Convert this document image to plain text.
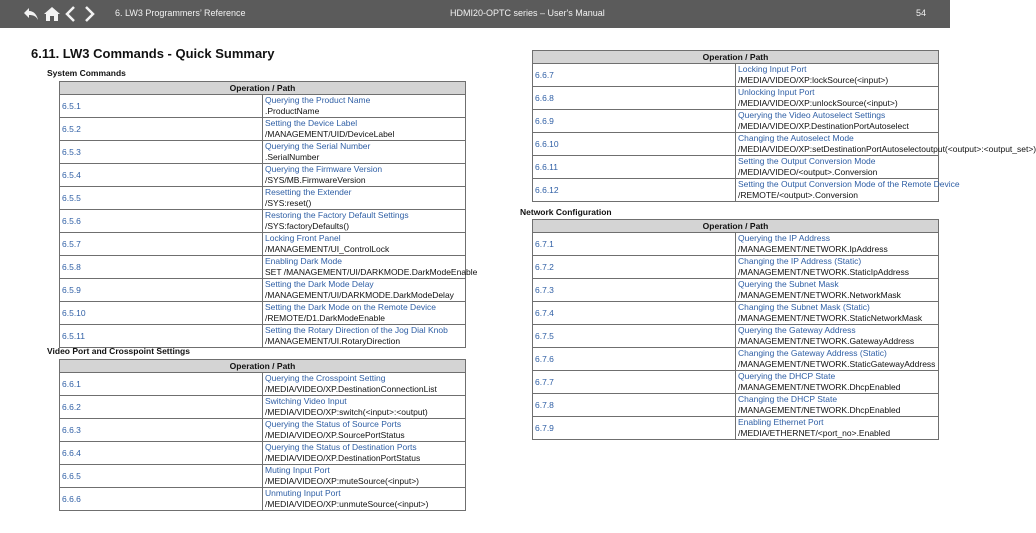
6. LW3 Programmers’ Reference	HDMI20-OPTC series – User's Manual	54
6.11. LW3 Commands - Quick Summary
System Commands
Operation / Path	
6.5.1	Querying the Product Name
.ProductName

6.5.2	Setting the Device Label
/MANAGEMENT/UID/DeviceLabel

6.5.3	Querying the Serial Number
.SerialNumber

6.5.4	Querying the Firmware Version
/SYS/MB.FirmwareVersion

6.5.5	Resetting the Extender
/SYS:reset()

6.5.6	Restoring the Factory Default Settings
/SYS:factoryDefaults()

6.5.7	Locking Front Panel
/MANAGEMENT/UI_ControlLock

6.5.8	Enabling Dark Mode
SET /MANAGEMENT/UI/DARKMODE.DarkModeEnable

6.5.9	Setting the Dark Mode Delay
/MANAGEMENT/UI/DARKMODE.DarkModeDelay

6.5.10	Setting the Dark Mode on the Remote Device
/REMOTE/D1.DarkModeEnable

6.5.11	Setting the Rotary Direction of the Jog Dial Knob
/MANAGEMENT/UI.RotaryDirection
Video Port and Crosspoint Settings
Operation / Path	
6.6.1	Querying the Crosspoint Setting
/MEDIA/VIDEO/XP.DestinationConnectionList

6.6.2	Switching Video Input
/MEDIA/VIDEO/XP:switch(<input>:<output)

6.6.3	Querying the Status of Source Ports
/MEDIA/VIDEO/XP.SourcePortStatus

6.6.4	Querying the Status of Destination Ports
/MEDIA/VIDEO/XP.DestinationPortStatus

6.6.5	Muting Input Port
/MEDIA/VIDEO/XP:muteSource(<input>)

6.6.6	Unmuting Input Port
/MEDIA/VIDEO/XP:unmuteSource(<input>)
Operation / Path	
6.6.7	Locking Input Port
/MEDIA/VIDEO/XP:lockSource(<input>)

6.6.8	Unlocking Input Port
/MEDIA/VIDEO/XP:unlockSource(<input>)

6.6.9	Querying the Video Autoselect Settings
/MEDIA/VIDEO/XP.DestinationPortAutoselect

6.6.10	Changing the Autoselect Mode
/MEDIA/VIDEO/XP:setDestinationPortAutoselectoutput(<output>:<output_set>)

6.6.11	Setting the Output Conversion Mode
/MEDIA/VIDEO/<output>.Conversion

6.6.12	Setting the Output Conversion Mode of the Remote Device
/REMOTE/<output>.Conversion
Network Configuration
Operation / Path	
6.7.1	Querying the IP Address
/MANAGEMENT/NETWORK.IpAddress

6.7.2	Changing the IP Address (Static)
/MANAGEMENT/NETWORK.StaticIpAddress

6.7.3	Querying the Subnet Mask
/MANAGEMENT/NETWORK.NetworkMask

6.7.4	Changing the Subnet Mask (Static)
/MANAGEMENT/NETWORK.StaticNetworkMask

6.7.5	Querying the Gateway Address
/MANAGEMENT/NETWORK.GatewayAddress

6.7.6	Changing the Gateway Address (Static)
/MANAGEMENT/NETWORK.StaticGatewayAddress

6.7.7	Querying the DHCP State
/MANAGEMENT/NETWORK.DhcpEnabled

6.7.8	Changing the DHCP State
/MANAGEMENT/NETWORK.DhcpEnabled

6.7.9	Enabling Ethernet Port
/MEDIA/ETHERNET/<port_no>.Enabled
